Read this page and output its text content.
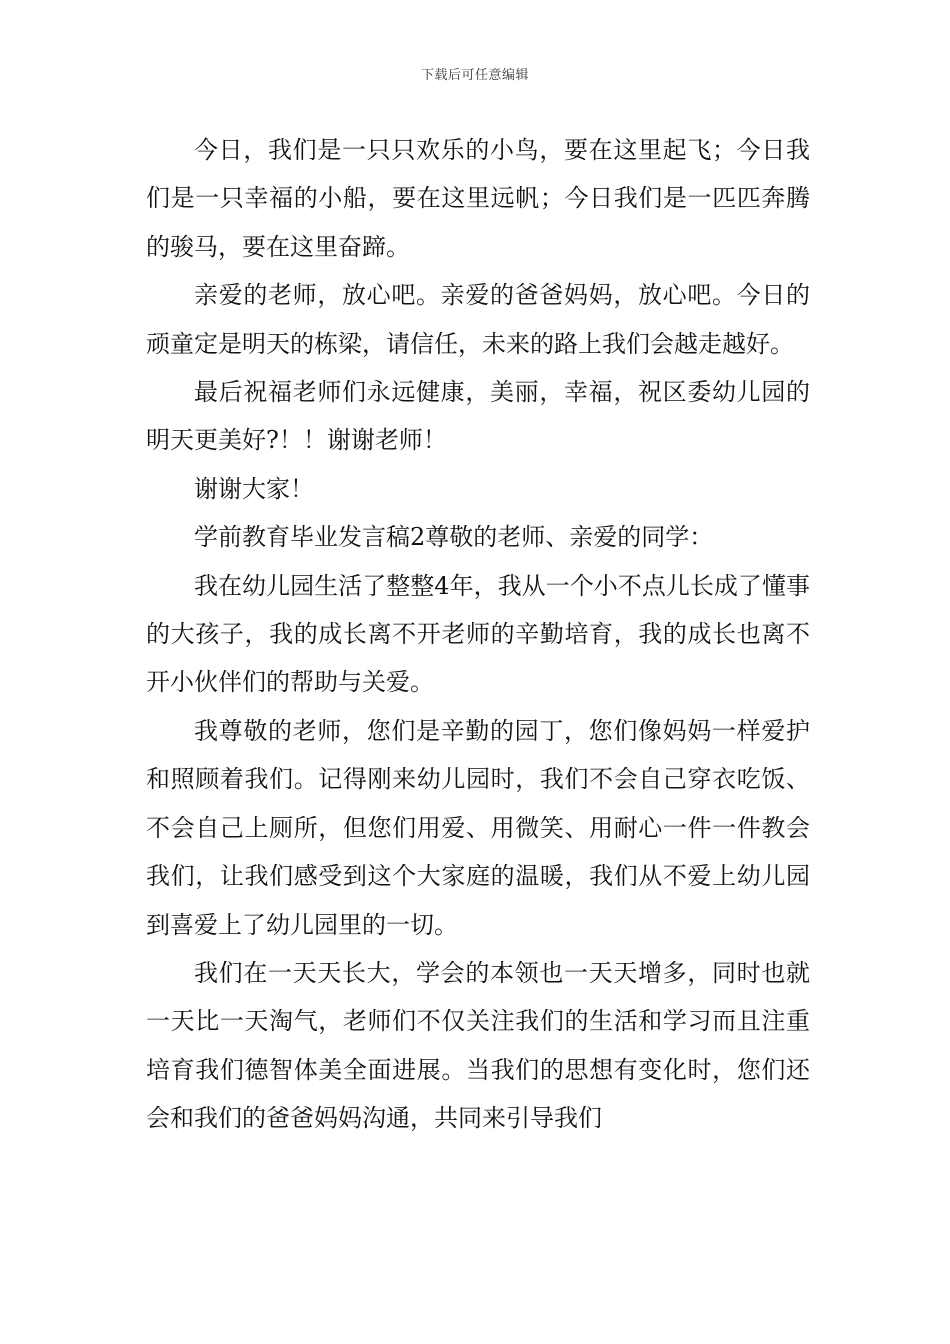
下载后可任意编辑

今日，我们是一只只欢乐的小鸟，要在这里起飞；今日我们是一只幸福的小船，要在这里远帆；今日我们是一匹匹奔腾的骏马，要在这里奋蹄。

亲爱的老师，放心吧。亲爱的爸爸妈妈，放心吧。今日的顽童定是明天的栋梁，请信任，未来的路上我们会越走越好。

最后祝福老师们永远健康，美丽，幸福，祝区委幼儿园的明天更美好?！！谢谢老师！

谢谢大家！

学前教育毕业发言稿2尊敬的老师、亲爱的同学：

我在幼儿园生活了整整4年，我从一个小不点儿长成了懂事的大孩子，我的成长离不开老师的辛勤培育，我的成长也离不开小伙伴们的帮助与关爱。

我尊敬的老师，您们是辛勤的园丁，您们像妈妈一样爱护和照顾着我们。记得刚来幼儿园时，我们不会自己穿衣吃饭、不会自己上厕所，但您们用爱、用微笑、用耐心一件一件教会我们，让我们感受到这个大家庭的温暖，我们从不爱上幼儿园到喜爱上了幼儿园里的一切。

我们在一天天长大，学会的本领也一天天增多，同时也就一天比一天淘气，老师们不仅关注我们的生活和学习而且注重培育我们德智体美全面进展。当我们的思想有变化时，您们还会和我们的爸爸妈妈沟通，共同来引导我们
